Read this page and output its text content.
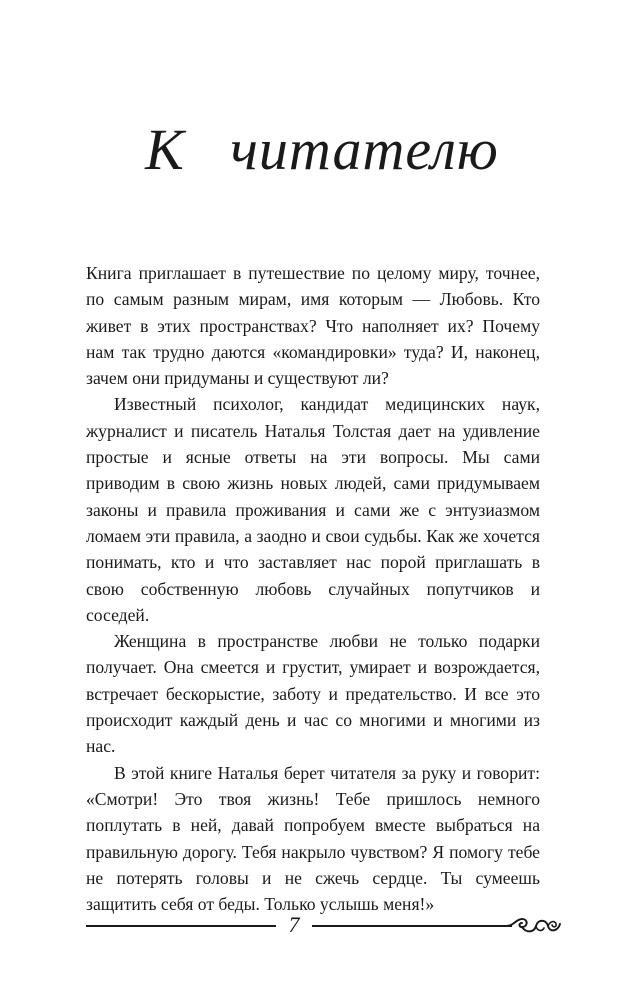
К читателю

Книга приглашает в путешествие по целому миру, точнее, по самым разным мирам, имя которым — Любовь. Кто живет в этих пространствах? Что наполняет их? Почему нам так трудно даются «командировки» туда? И, наконец, зачем они придуманы и существуют ли?

Известный психолог, кандидат медицинских наук, журналист и писатель Наталья Толстая дает на удивление простые и ясные ответы на эти вопросы. Мы сами приводим в свою жизнь новых людей, сами придумываем законы и правила проживания и сами же с энтузиазмом ломаем эти правила, а заодно и свои судьбы. Как же хочется понимать, кто и что заставляет нас порой приглашать в свою собственную любовь случайных попутчиков и соседей.

Женщина в пространстве любви не только подарки получает. Она смеется и грустит, умирает и возрождается, встречает бескорыстие, заботу и предательство. И все это происходит каждый день и час со многими и многими из нас.

В этой книге Наталья берет читателя за руку и говорит: «Смотри! Это твоя жизнь! Тебе пришлось немного поплутать в ней, давай попробуем вместе выбраться на правильную дорогу. Тебя накрыло чувством? Я помогу тебе не потерять головы и не сжечь сердце. Ты сумеешь защитить себя от беды. Только услышь меня!»

7
